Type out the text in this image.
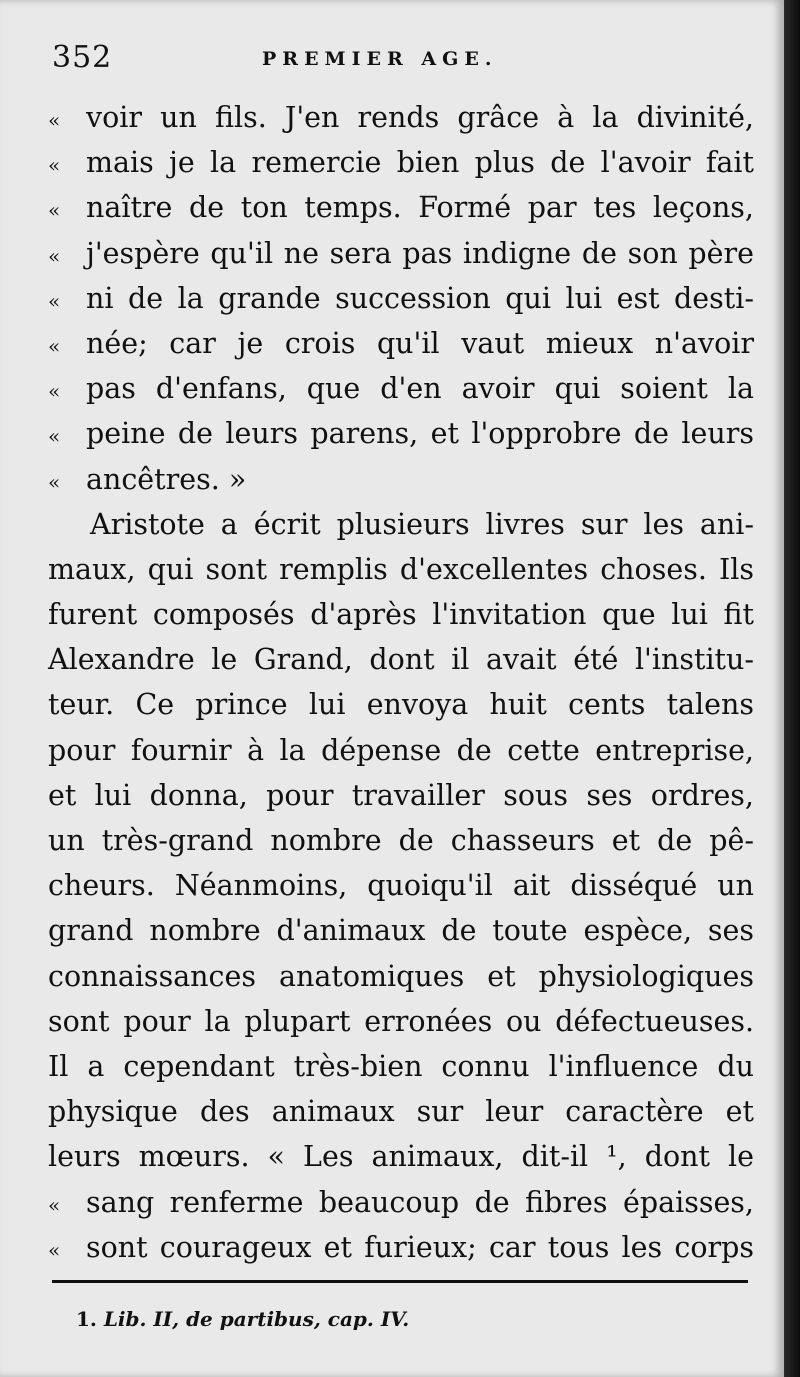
352	PREMIER AGE.
« voir un fils. J'en rends grâce à la divinité,
« mais je la remercie bien plus de l'avoir fait
« naître de ton temps. Formé par tes leçons,
« j'espère qu'il ne sera pas indigne de son père
« ni de la grande succession qui lui est desti-
« née; car je crois qu'il vaut mieux n'avoir
« pas d'enfans, que d'en avoir qui soient la
« peine de leurs parens, et l'opprobre de leurs
« ancêtres. »
Aristote a écrit plusieurs livres sur les ani-
maux, qui sont remplis d'excellentes choses. Ils
furent composés d'après l'invitation que lui fit
Alexandre le Grand, dont il avait été l'institu-
teur. Ce prince lui envoya huit cents talens
pour fournir à la dépense de cette entreprise,
et lui donna, pour travailler sous ses ordres,
un très-grand nombre de chasseurs et de pê-
cheurs. Néanmoins, quoiqu'il ait disséqué un
grand nombre d'animaux de toute espèce, ses
connaissances anatomiques et physiologiques
sont pour la plupart erronées ou défectueuses.
Il a cependant très-bien connu l'influence du
physique des animaux sur leur caractère et
leurs mœurs. « Les animaux, dit-il ¹, dont le
« sang renferme beaucoup de fibres épaisses,
« sont courageux et furieux; car tous les corps
1. Lib. II, de partibus, cap. IV.
